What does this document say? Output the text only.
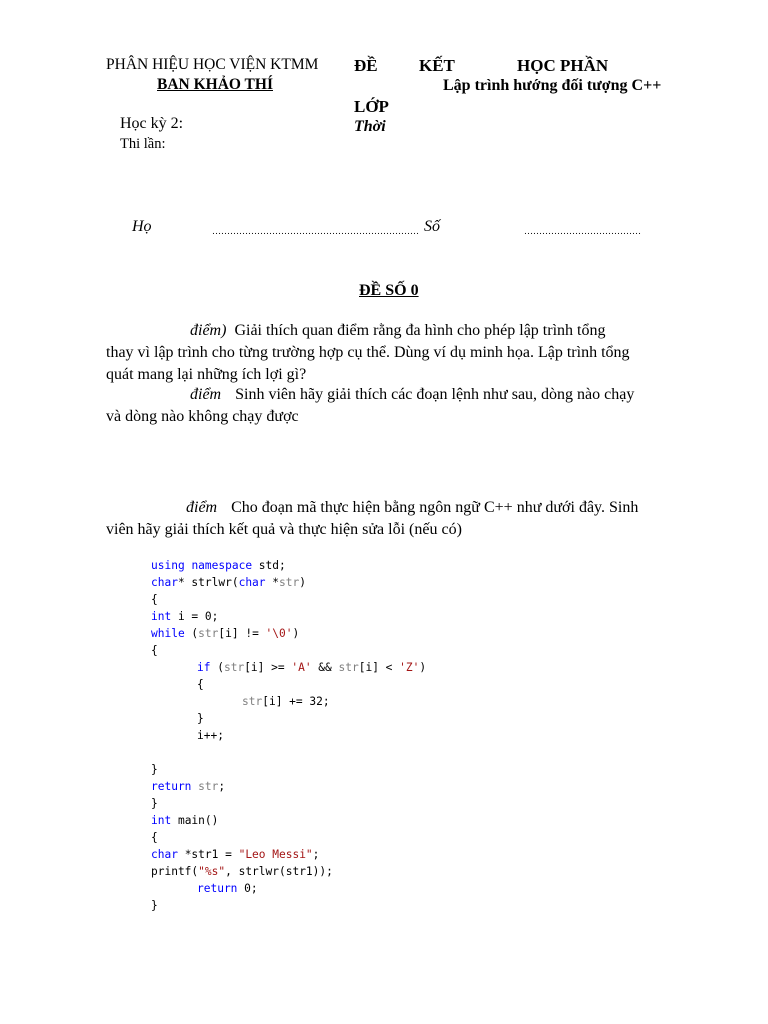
PHÂN HIỆU HỌC VIỆN KTMM
BAN KHẢO THÍ
ĐỀ KẾT	HỌC PHẦN
Lập trình hướng đối tượng C++
LỚP
Thời
Học kỳ 2:
Thi lần:
Họ	…………………………………………………………… Số	…………………………………
ĐỀ SỐ 0
điểm) Giải thích quan điểm rằng đa hình cho phép lập trình tổng
thay vì lập trình cho từng trường hợp cụ thể. Dùng ví dụ minh họa. Lập trình tổng
quát mang lại những ích lợi gì?
điểm Sinh viên hãy giải thích các đoạn lệnh như sau, dòng nào chạy
và dòng nào không chạy được
điểm Cho đoạn mã thực hiện bằng ngôn ngữ C++ như dưới đây. Sinh
viên hãy giải thích kết quả và thực hiện sửa lỗi (nếu có)
using namespace std;
char* strlwr(char *str)
{
int i = 0;
while (str[i] != '\0')
{
if (str[i] >= 'A' && str[i] < 'Z')
{
str[i] += 32;
}
i++;
}
return str;
}
int main()
{
char *str1 = "Leo Messi";
printf("%s", strlwr(str1));
return 0;
}
